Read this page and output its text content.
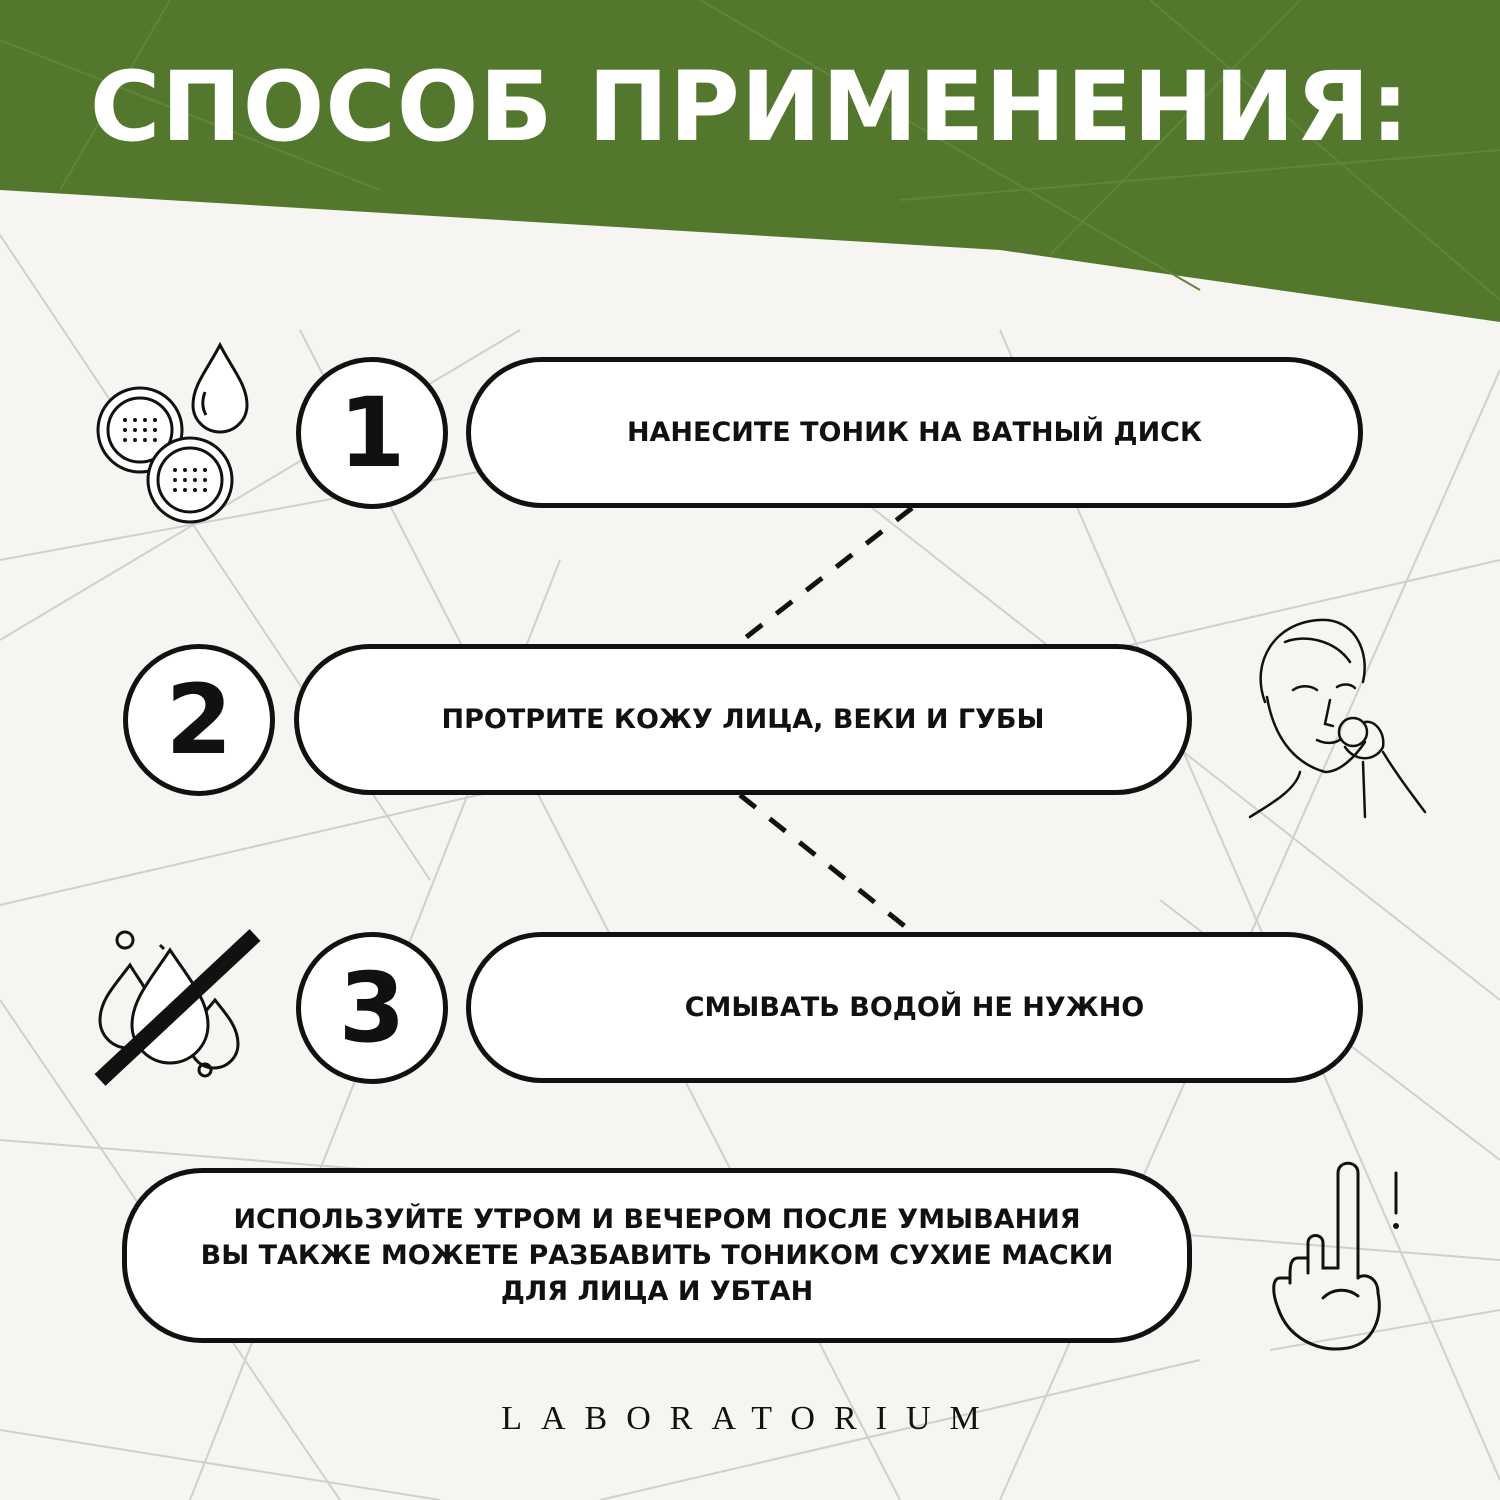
СПОСОБ ПРИМЕНЕНИЯ:
1	НАНЕСИТЕ ТОНИК НА ВАТНЫЙ ДИСК
2	ПРОТРИТЕ КОЖУ ЛИЦА, ВЕКИ И ГУБЫ
3	СМЫВАТЬ ВОДОЙ НЕ НУЖНО
ИСПОЛЬЗУЙТЕ УТРОМ И ВЕЧЕРОМ ПОСЛЕ УМЫВАНИЯ
ВЫ ТАКЖЕ МОЖЕТЕ РАЗБАВИТЬ ТОНИКОМ СУХИЕ МАСКИ
ДЛЯ ЛИЦА И УБТАН
LABORATORIUM
